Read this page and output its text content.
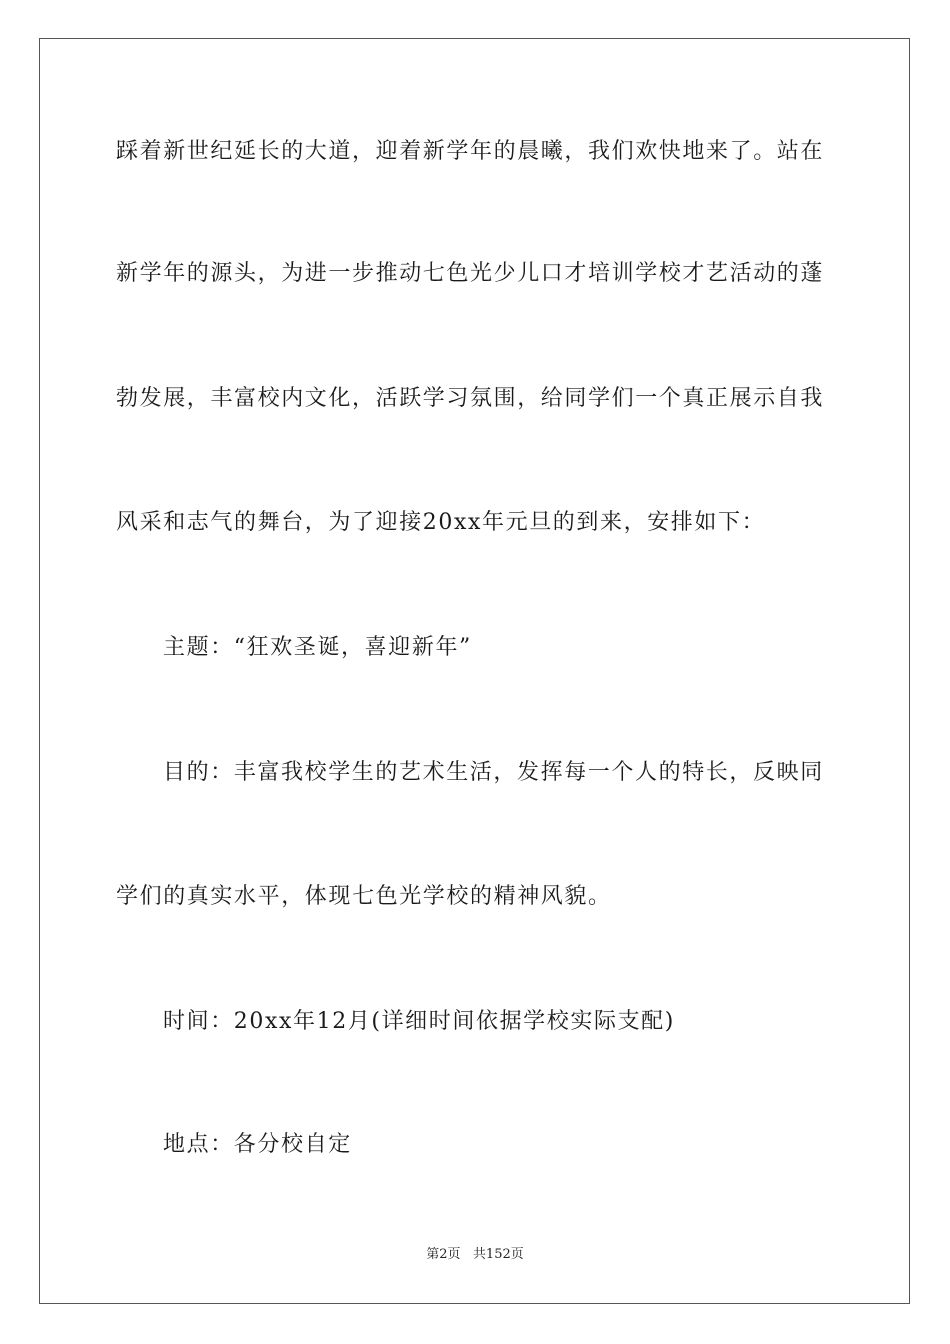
踩着新世纪延长的大道，迎着新学年的晨曦，我们欢快地来了。站在
新学年的源头，为进一步推动七色光少儿口才培训学校才艺活动的蓬
勃发展，丰富校内文化，活跃学习氛围，给同学们一个真正展示自我
风采和志气的舞台，为了迎接20xx年元旦的到来，安排如下：
主题：“狂欢圣诞，喜迎新年”
目的：丰富我校学生的艺术生活，发挥每一个人的特长，反映同
学们的真实水平，体现七色光学校的精神风貌。
时间：20xx年12月(详细时间依据学校实际支配)
地点：各分校自定
第2页   共152页
